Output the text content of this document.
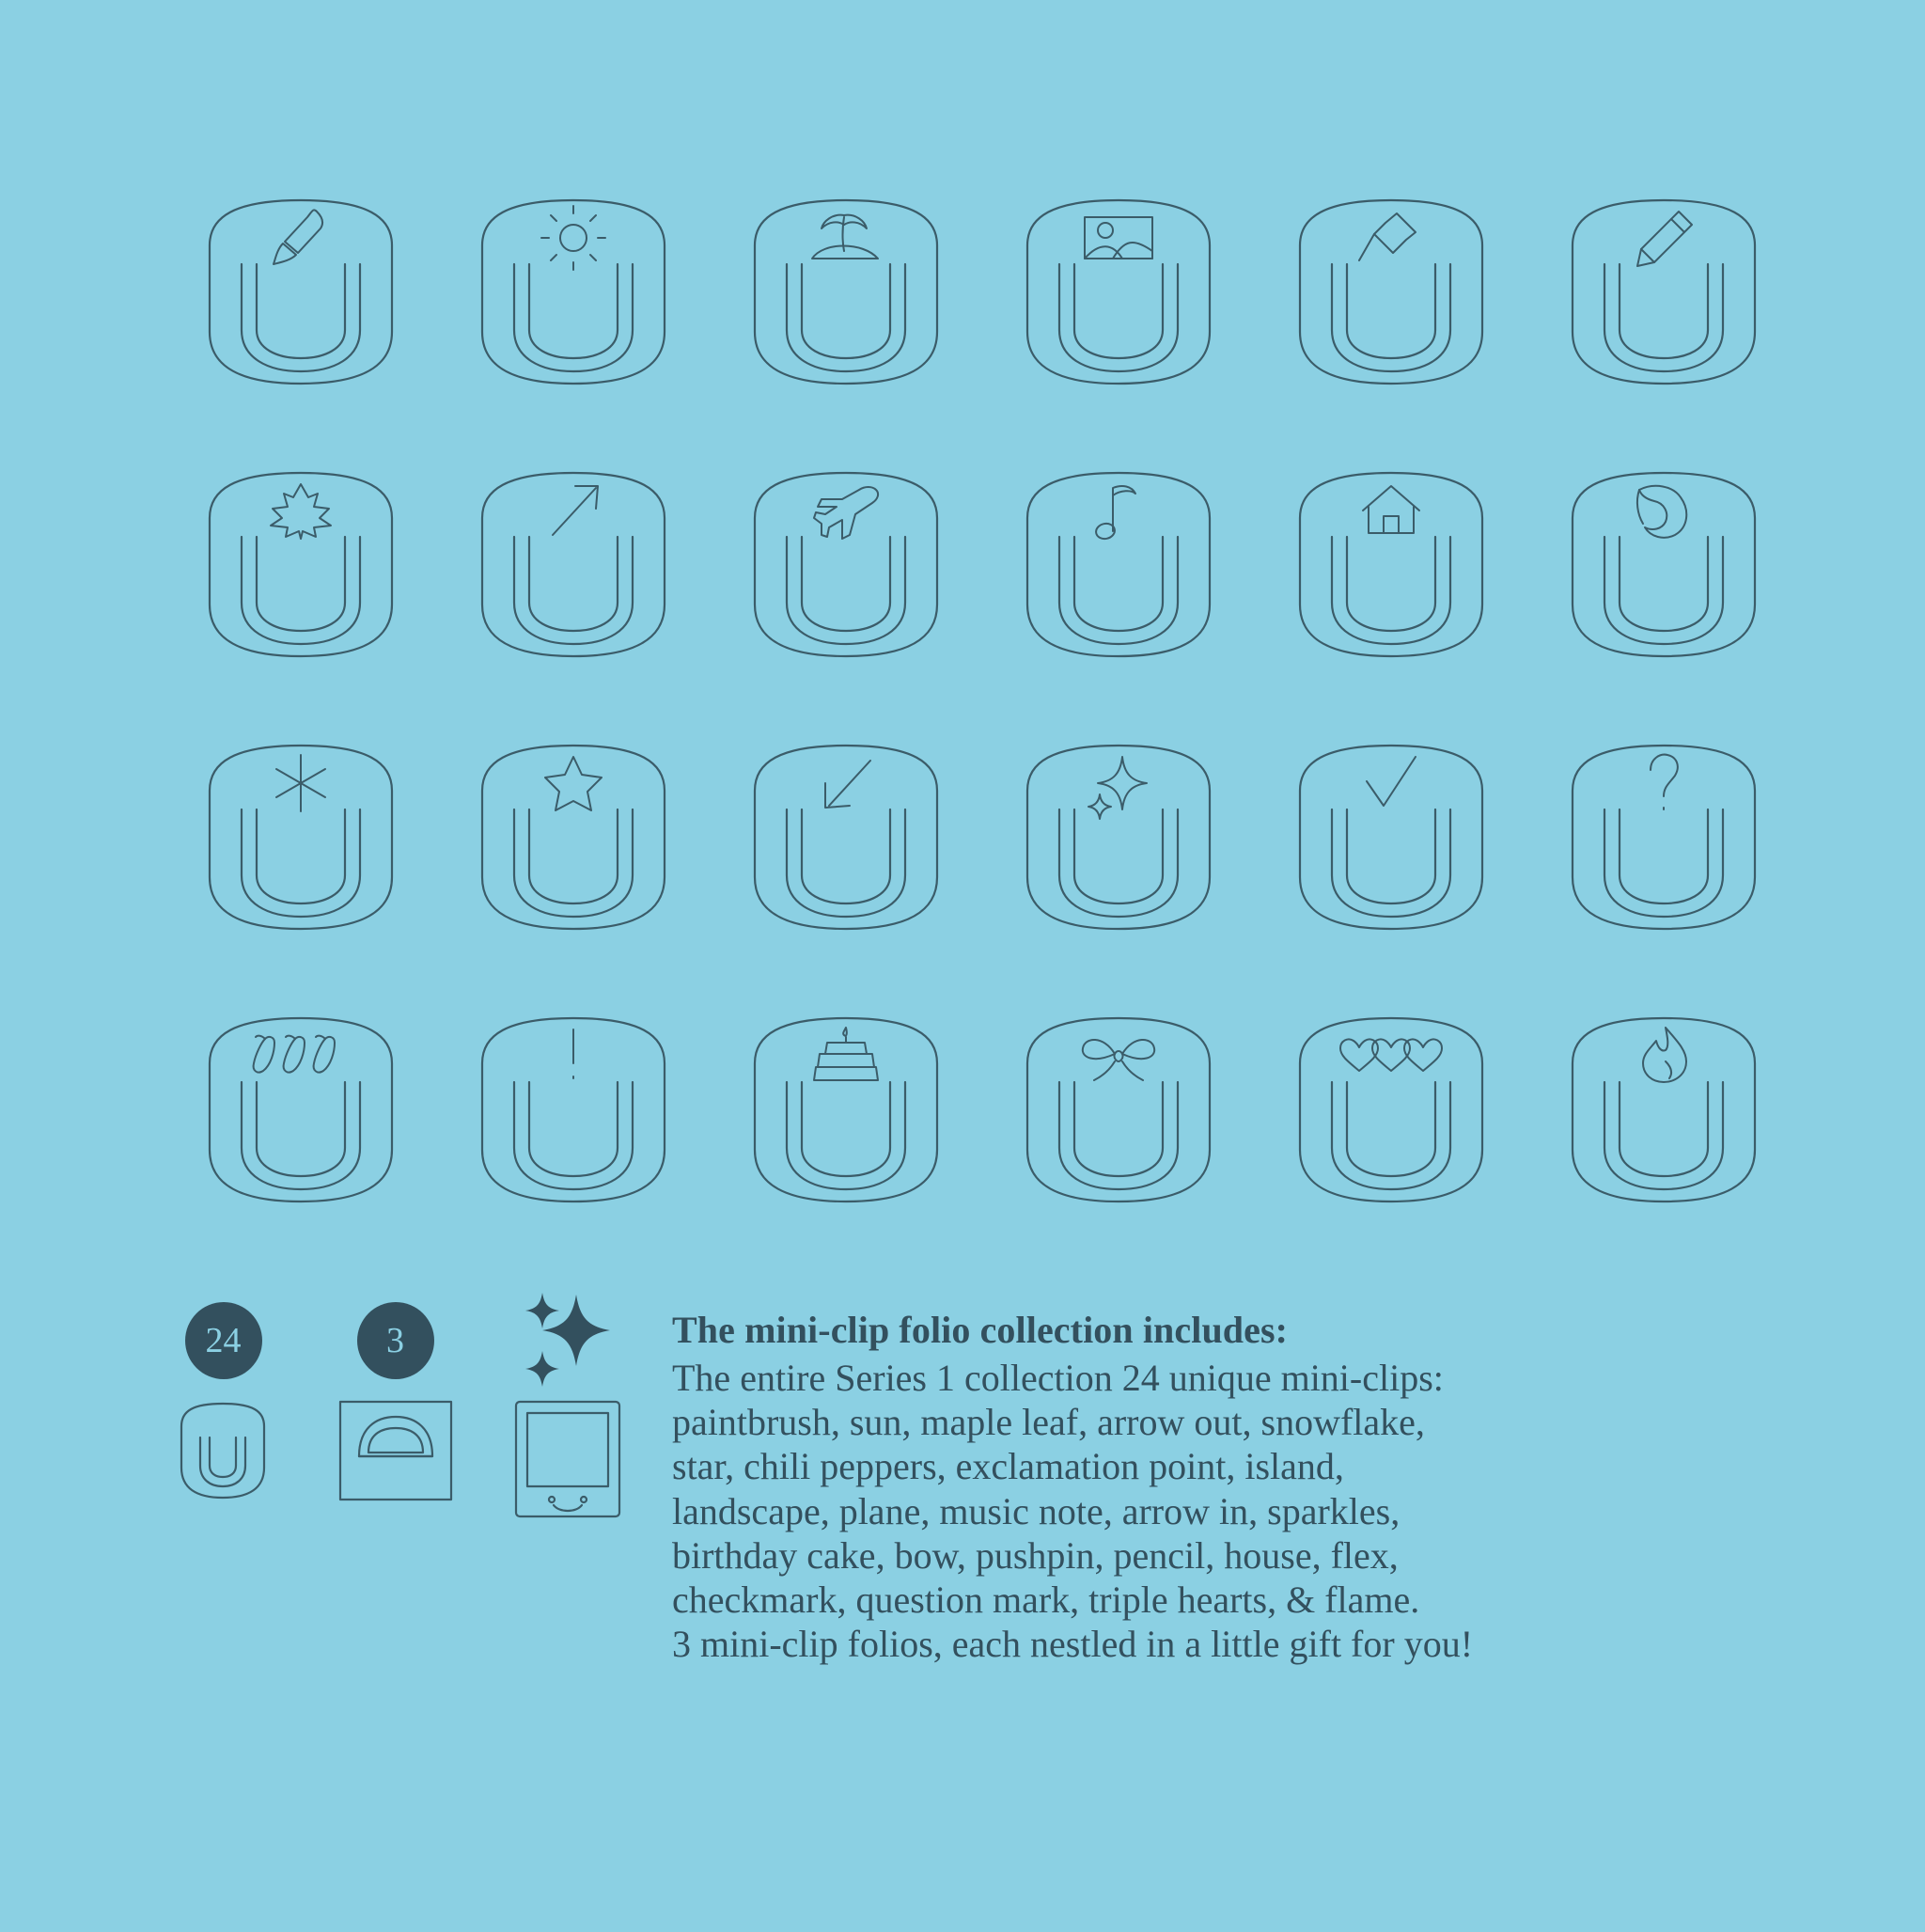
24	3	The mini-clip folio collection includes:

The entire Series 1 collection 24 unique mini-clips:

paintbrush, sun, maple leaf, arrow out, snowflake,

star, chili peppers, exclamation point, island,

landscape, plane, music note, arrow in, sparkles,

birthday cake, bow, pushpin, pencil, house, flex,

checkmark, question mark, triple hearts, & flame.

3 mini-clip folios, each nestled in a little gift for you!
